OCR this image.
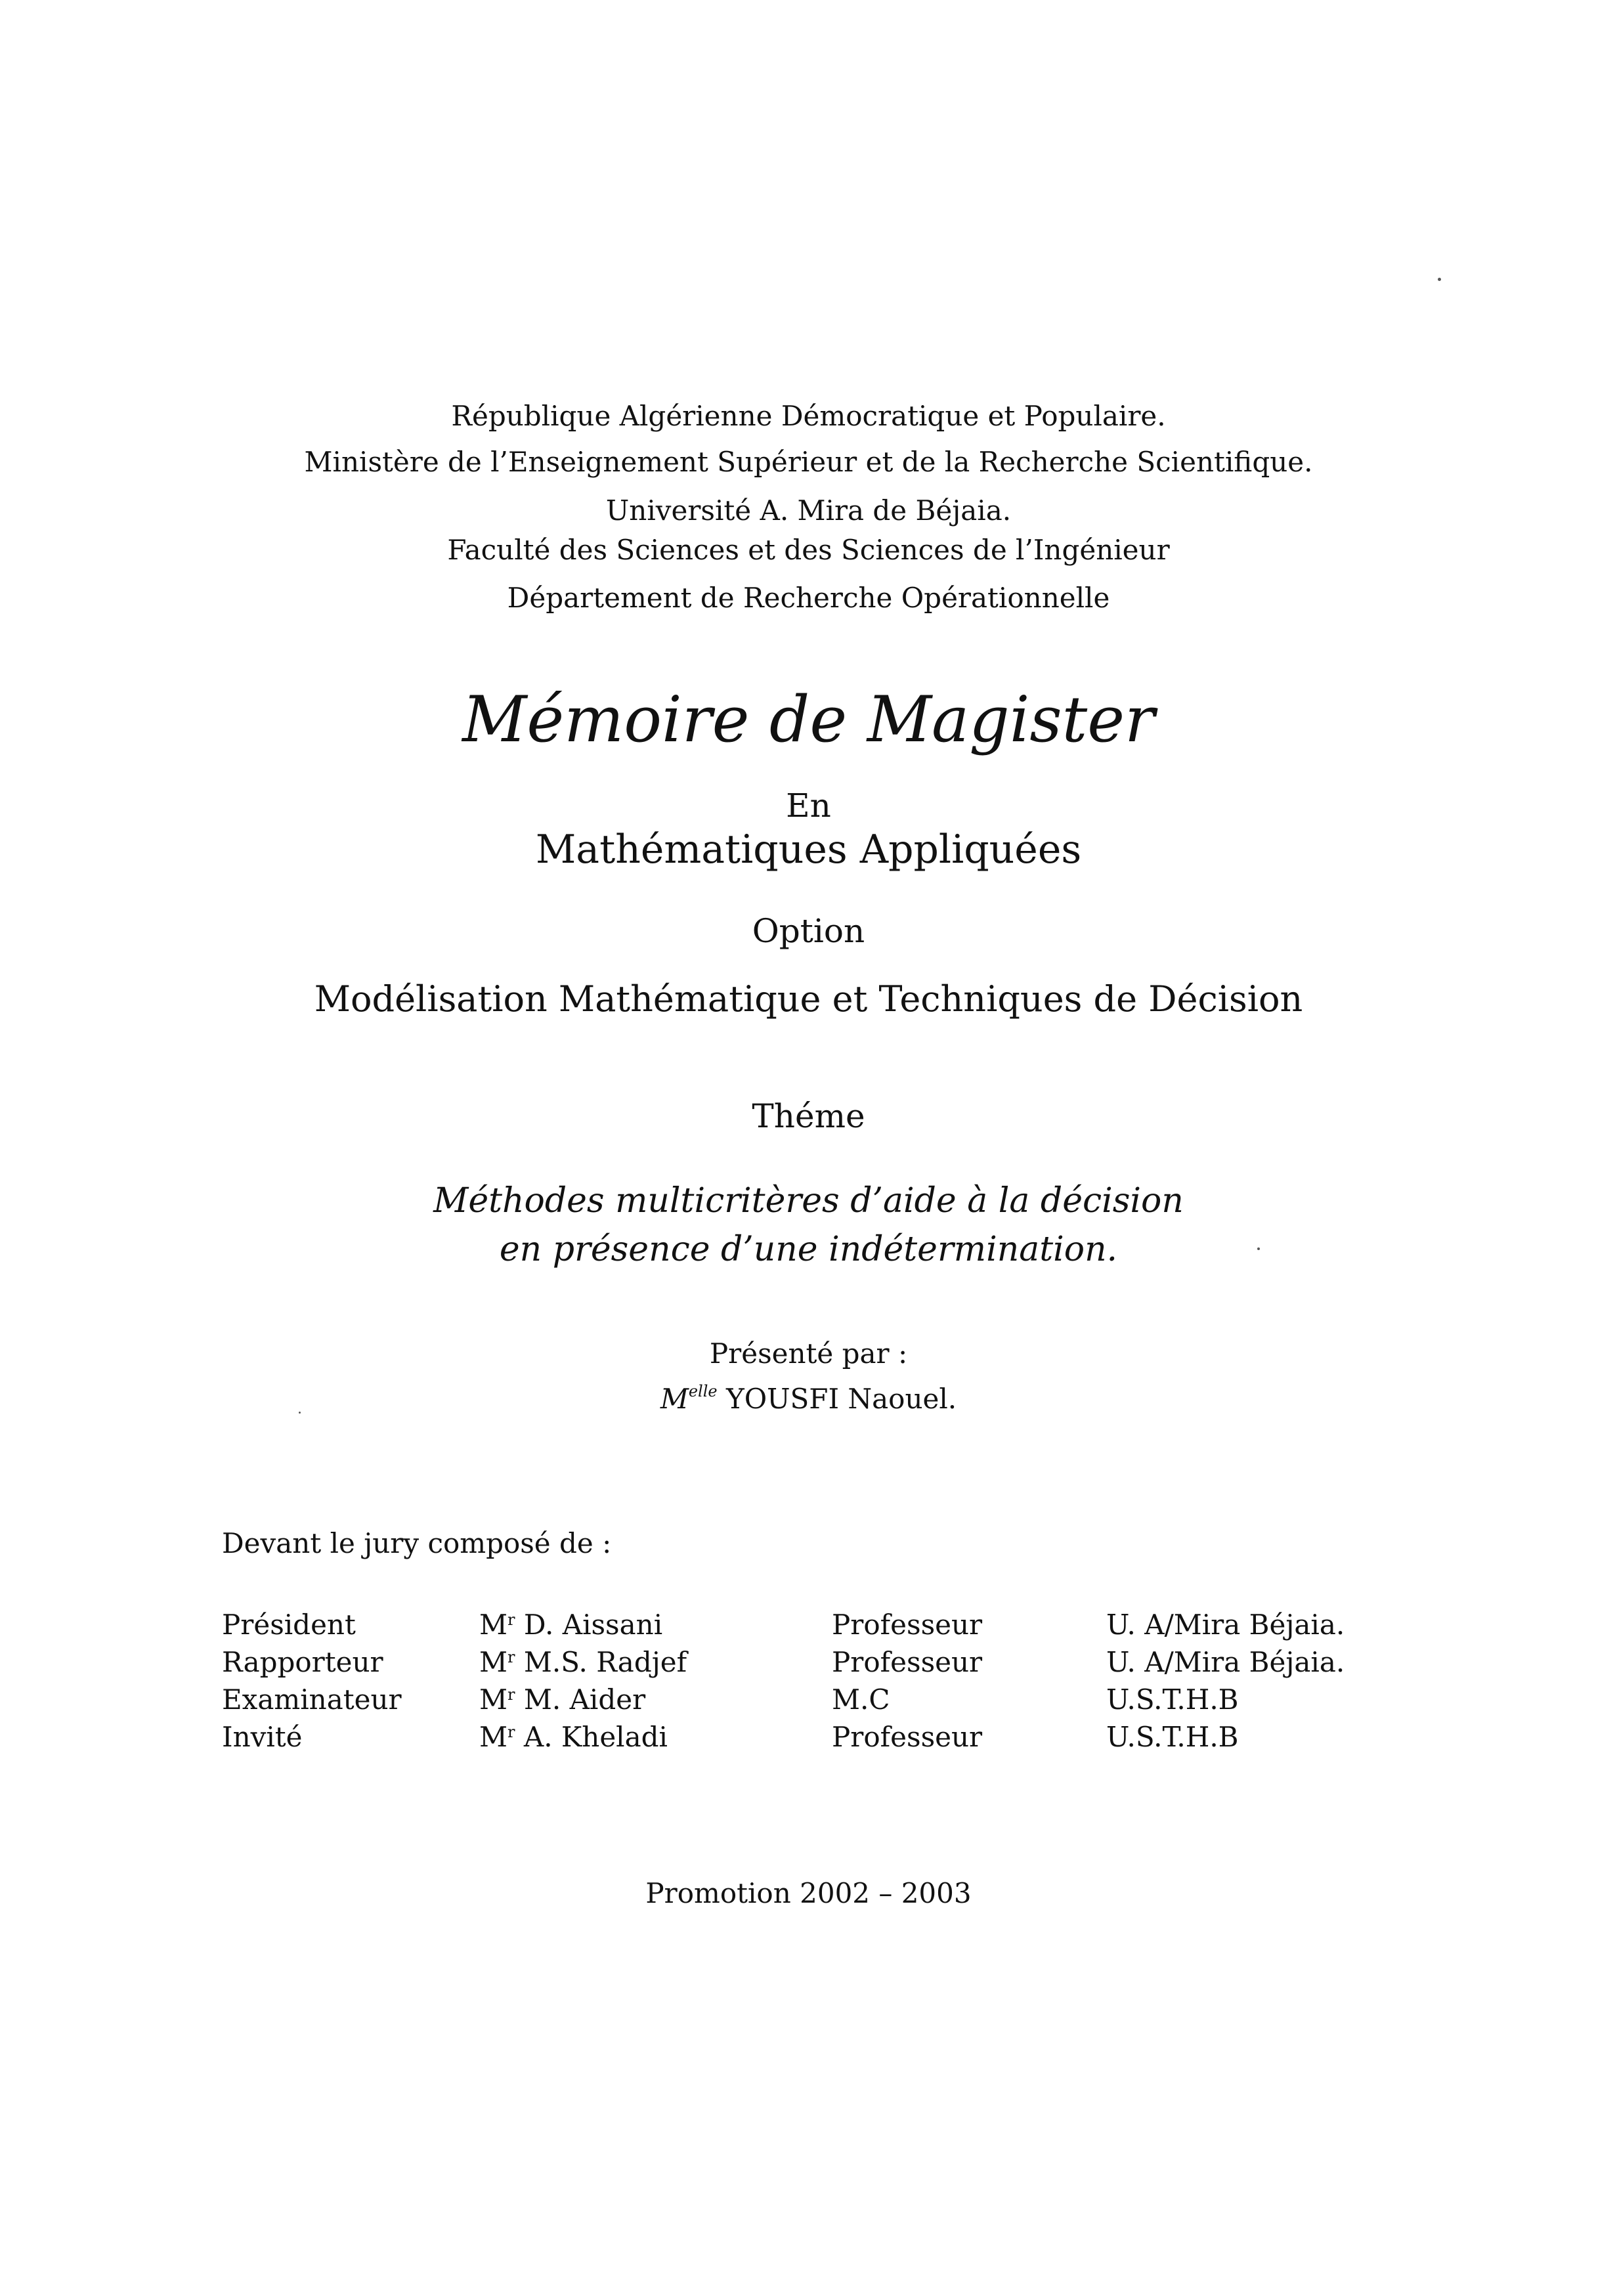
République Algérienne Démocratique et Populaire.
Ministère de l’Enseignement Supérieur et de la Recherche Scientifique.
Université A. Mira de Béjaia.
Faculté des Sciences et des Sciences de l’Ingénieur
Département de Recherche Opérationnelle
Mémoire de Magister
En
Mathématiques Appliquées
Option
Modélisation Mathématique et Techniques de Décision
Théme
Méthodes multicritères d’aide à la décision
en présence d’une indétermination.
Présenté par :
$M^{elle}$ YOUSFI Naouel.
Devant le jury composé de :
Président	$M^r$ D. Aissani	Professeur	U. A/Mira Béjaia.
Rapporteur	$M^r$ M.S. Radjef	Professeur	U. A/Mira Béjaia.
Examinateur	$M^r$ M. Aider	M.C	U.S.T.H.B
Invité	$M^r$ A. Kheladi	Professeur	U.S.T.H.B
Promotion 2002 – 2003
